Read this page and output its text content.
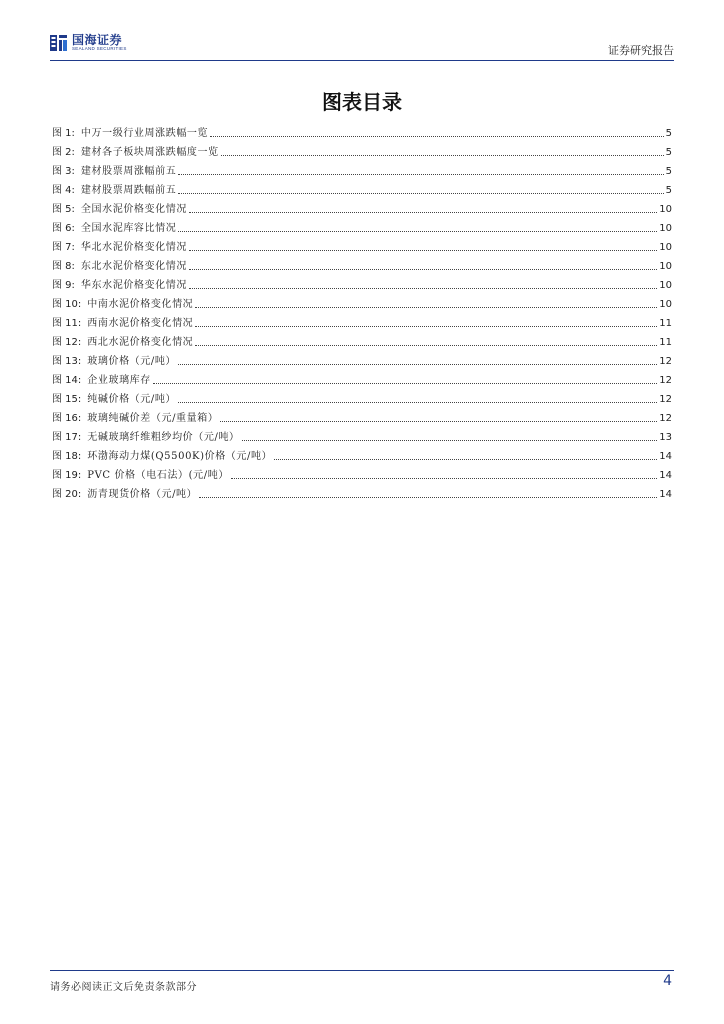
国海证券
SEALAND SECURITIES	证券研究报告
图表目录
图 1: 中万一级行业周涨跌幅一览	5
图 2: 建材各子板块周涨跌幅度一览	5
图 3: 建材股票周涨幅前五	5
图 4: 建材股票周跌幅前五	5
图 5: 全国水泥价格变化情况	10
图 6: 全国水泥库容比情况	10
图 7: 华北水泥价格变化情况	10
图 8: 东北水泥价格变化情况	10
图 9: 华东水泥价格变化情况	10
图 10: 中南水泥价格变化情况	10
图 11: 西南水泥价格变化情况	11
图 12: 西北水泥价格变化情况	11
图 13: 玻璃价格（元/吨）	12
图 14: 企业玻璃库存	12
图 15: 纯碱价格（元/吨）	12
图 16: 玻璃纯碱价差（元/重量箱）	12
图 17: 无碱玻璃纤维粗纱均价（元/吨）	13
图 18: 环渤海动力煤(Q5500K)价格（元/吨）	14
图 19: PVC 价格（电石法）(元/吨）	14
图 20: 沥青现货价格（元/吨）	14
请务必阅读正文后免责条款部分	4
